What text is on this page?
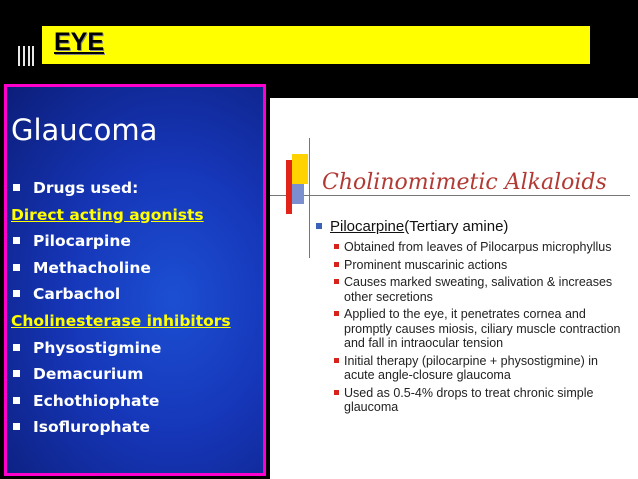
EYE
Glaucoma
Drugs used:
Direct acting agonists
Pilocarpine
Methacholine
Carbachol
Cholinesterase inhibitors
Physostigmine
Demacurium
Echothiophate
Isoflurophate
Cholinomimetic Alkaloids
Pilocarpine(Tertiary amine)
Obtained from leaves of Pilocarpus microphyllus
Prominent muscarinic actions
Causes marked sweating, salivation & increases other secretions
Applied to the eye, it penetrates cornea and promptly causes miosis, ciliary muscle contraction and fall in intraocular tension
Initial therapy (pilocarpine + physostigmine) in acute angle-closure glaucoma
Used as 0.5-4% drops to treat chronic simple glaucoma
